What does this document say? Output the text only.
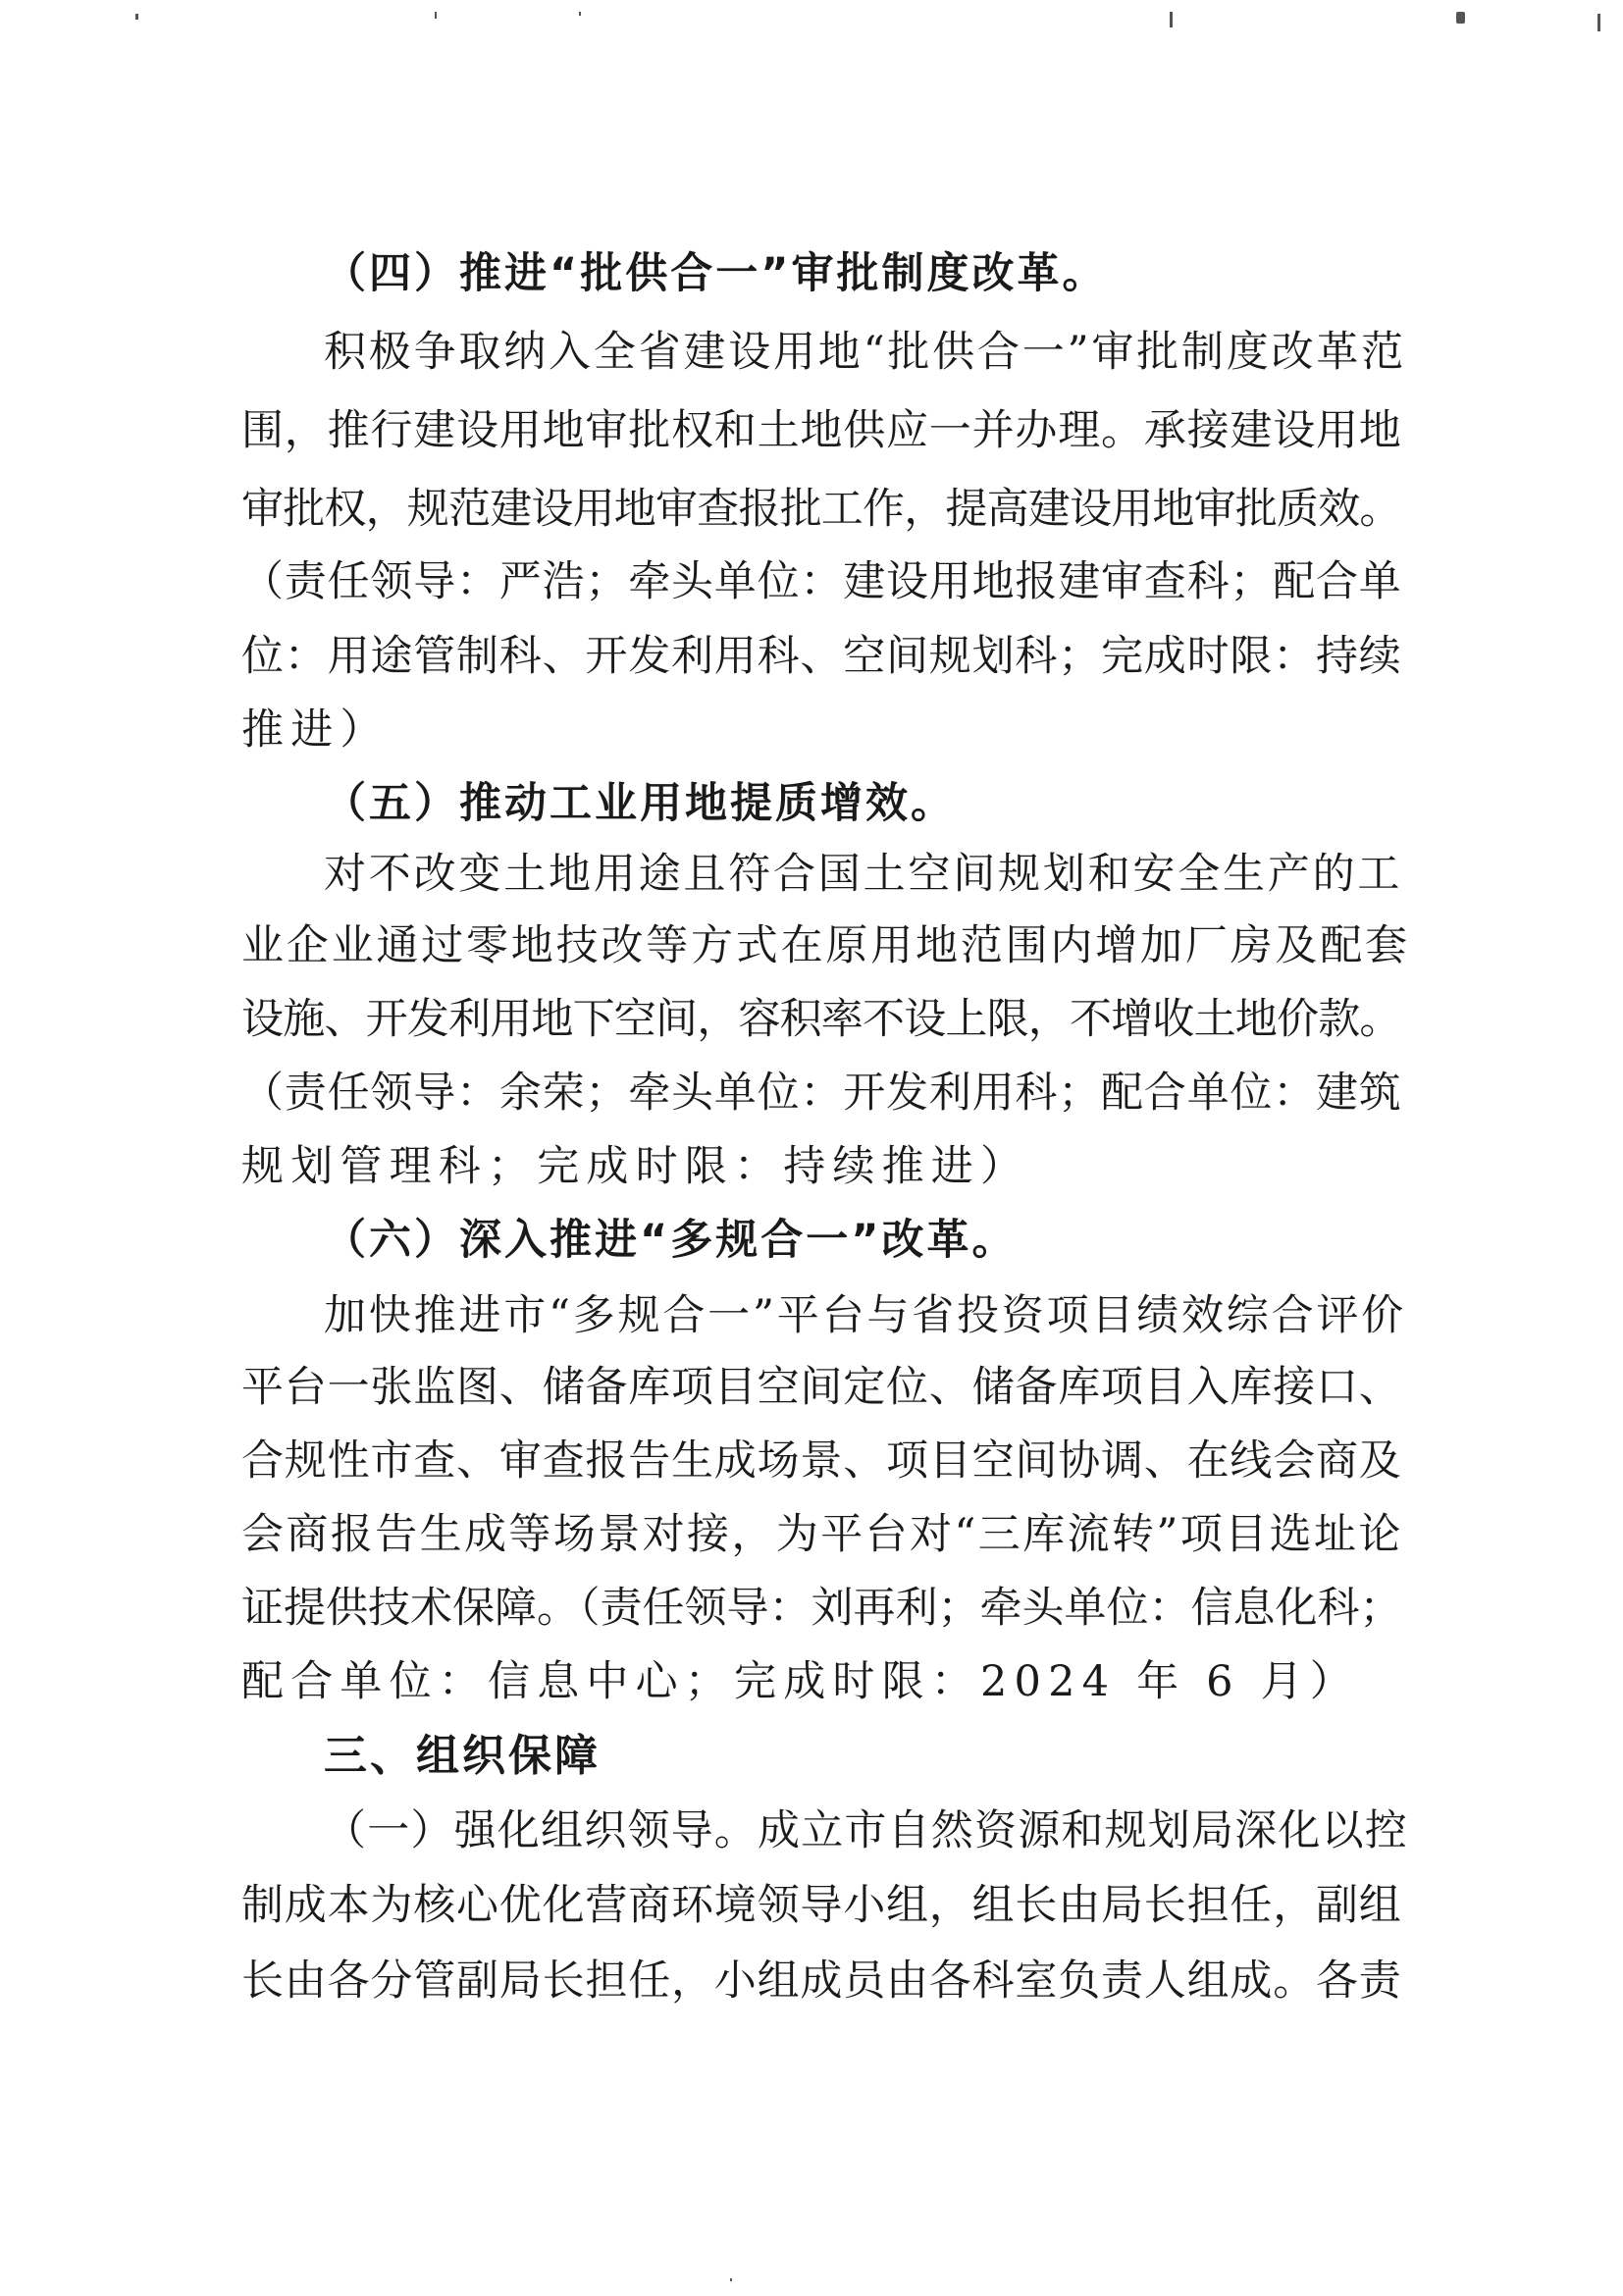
（四）推进“批供合一”审批制度改革。
积极争取纳入全省建设用地“批供合一”审批制度改革范
围，推行建设用地审批权和土地供应一并办理。承接建设用地
审批权，规范建设用地审查报批工作，提高建设用地审批质效。
（责任领导：严浩；牵头单位：建设用地报建审查科；配合单
位：用途管制科、开发利用科、空间规划科；完成时限：持续
推进）
（五）推动工业用地提质增效。
对不改变土地用途且符合国土空间规划和安全生产的工
业企业通过零地技改等方式在原用地范围内增加厂房及配套
设施、开发利用地下空间，容积率不设上限，不增收土地价款。
（责任领导：余荣；牵头单位：开发利用科；配合单位：建筑
规划管理科；完成时限：持续推进）
（六）深入推进“多规合一”改革。
加快推进市“多规合一”平台与省投资项目绩效综合评价
平台一张监图、储备库项目空间定位、储备库项目入库接口、
合规性市查、审查报告生成场景、项目空间协调、在线会商及
会商报告生成等场景对接，为平台对“三库流转”项目选址论
证提供技术保障。（责任领导：刘再利；牵头单位：信息化科；
配合单位：信息中心；完成时限：2024 年 6 月）
三、组织保障
（一）强化组织领导。成立市自然资源和规划局深化以控
制成本为核心优化营商环境领导小组，组长由局长担任，副组
长由各分管副局长担任，小组成员由各科室负责人组成。各责
